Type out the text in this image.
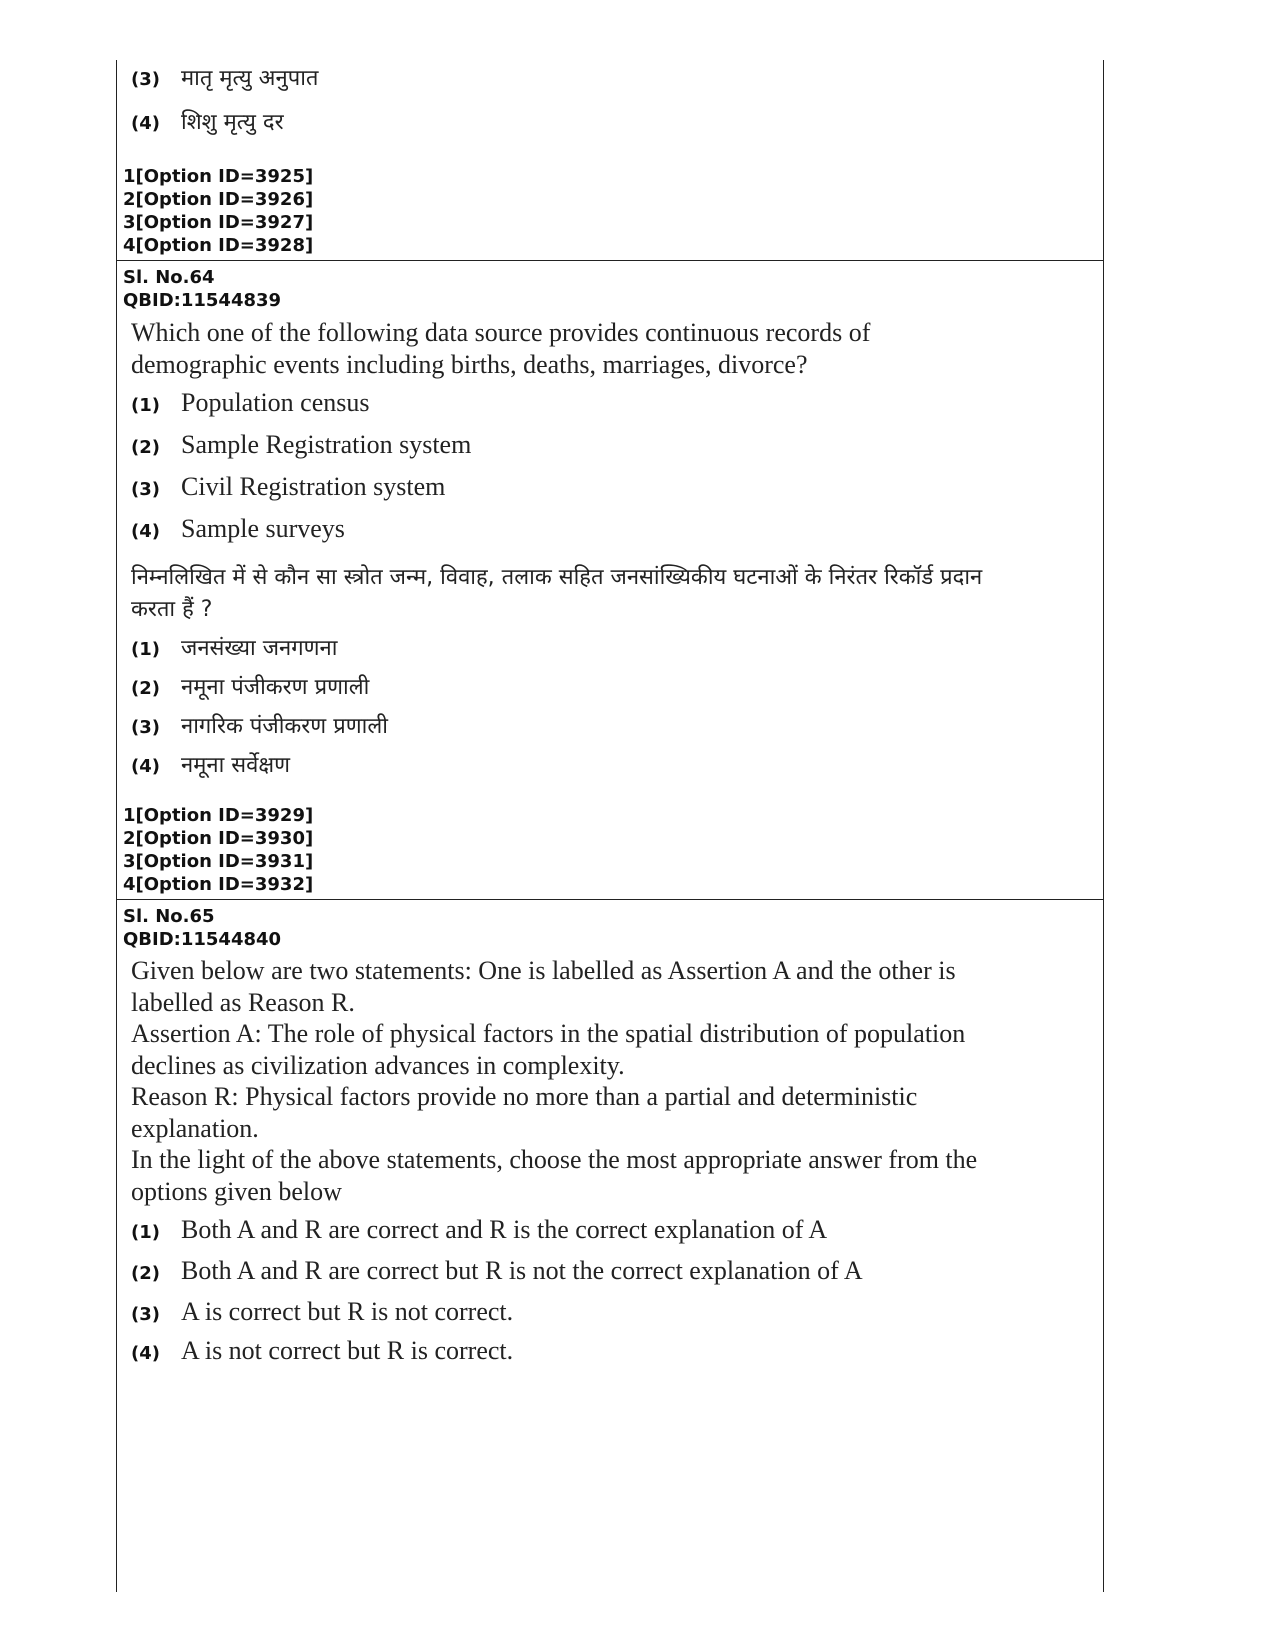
(3) मातृ मृत्यु अनुपात
(4) शिशु मृत्यु दर

1[Option ID=3925]

2[Option ID=3926]

3[Option ID=3927]

4[Option ID=3928]

Sl. No.64

QBID:11544839

Which one of the following data source provides continuous records of demographic events including births, deaths, marriages, divorce?

(1) Population census
(2) Sample Registration system
(3) Civil Registration system
(4) Sample surveys

निम्नलिखित में से कौन सा स्त्रोत जन्म, विवाह, तलाक सहित जनसांख्यिकीय घटनाओं के निरंतर रिकॉर्ड प्रदान करता हैं ?

(1) जनसंख्या जनगणना
(2) नमूना पंजीकरण प्रणाली
(3) नागरिक पंजीकरण प्रणाली
(4) नमूना सर्वेक्षण

1[Option ID=3929]

2[Option ID=3930]

3[Option ID=3931]

4[Option ID=3932]

Sl. No.65

QBID:11544840

Given below are two statements: One is labelled as Assertion A and the other is labelled as Reason R.
Assertion A: The role of physical factors in the spatial distribution of population declines as civilization advances in complexity.
Reason R: Physical factors provide no more than a partial and deterministic explanation.
In the light of the above statements, choose the most appropriate answer from the options given below

(1) Both A and R are correct and R is the correct explanation of A
(2) Both A and R are correct but R is not the correct explanation of A
(3) A is correct but R is not correct.
(4) A is not correct but R is correct.
